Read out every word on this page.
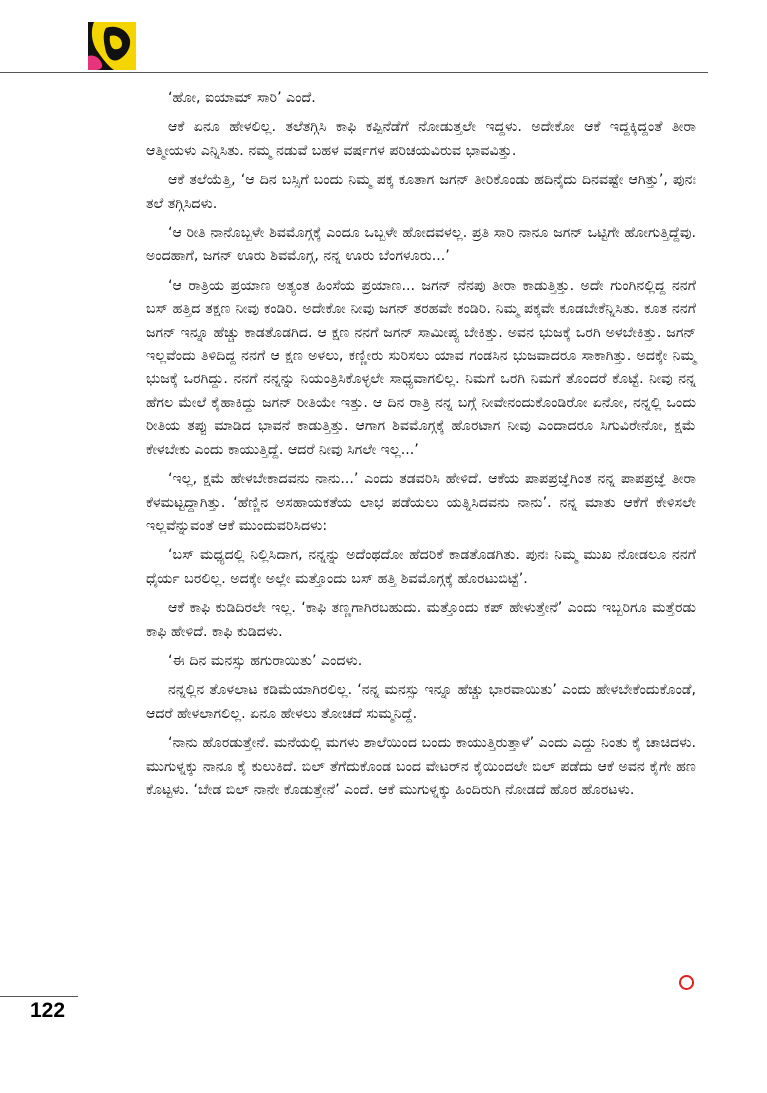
‘ಹೋ, ಐಯಾಮ್ ಸಾರಿ’ ಎಂದೆ.

ಆಕೆ ಏನೂ ಹೇಳಲಿಲ್ಲ. ತಲೆತಗ್ಗಿಸಿ ಕಾಫಿ ಕಪ್ಪಿನೆಡೆಗೆ ನೋಡುತ್ತಲೇ ಇದ್ದಳು. ಅದೇಕೋ ಆಕೆ ಇದ್ದಕ್ಕಿದ್ದಂತೆ ತೀರಾ ಆತ್ಮೀಯಳು ಎನ್ನಿಸಿತು. ನಮ್ಮ ನಡುವೆ ಬಹಳ ವರ್ಷಗಳ ಪರಿಚಯವಿರುವ ಭಾವವಿತ್ತು.

ಆಕೆ ತಲೆಯೆತ್ತಿ, ‘ಆ ದಿನ ಬಸ್ಸಿಗೆ ಬಂದು ನಿಮ್ಮ ಪಕ್ಕ ಕೂತಾಗ ಜಗನ್ ತೀರಿಕೊಂಡು ಹದಿನೈದು ದಿನವಷ್ಟೇ ಆಗಿತ್ತು’, ಪುನಃ ತಲೆ ತಗ್ಗಿಸಿದಳು.

‘ಆ ರೀತಿ ನಾನೊಬ್ಬಳೇ ಶಿವಮೊಗ್ಗಕ್ಕೆ ಎಂದೂ ಒಬ್ಬಳೇ ಹೋದವಳಲ್ಲ. ಪ್ರತಿ ಸಾರಿ ನಾನೂ ಜಗನ್ ಒಟ್ಟಿಗೇ ಹೋಗುತ್ತಿದ್ದೆವು. ಅಂದಹಾಗೆ, ಜಗನ್ ಊರು ಶಿವಮೊಗ್ಗ, ನನ್ನ ಊರು ಬೆಂಗಳೂರು...’

‘ಆ ರಾತ್ರಿಯ ಪ್ರಯಾಣ ಅತ್ಯಂತ ಹಿಂಸೆಯ ಪ್ರಯಾಣ... ಜಗನ್ ನೆನಪು ತೀರಾ ಕಾಡುತ್ತಿತ್ತು. ಅದೇ ಗುಂಗಿನಲ್ಲಿದ್ದ ನನಗೆ ಬಸ್ ಹತ್ತಿದ ತಕ್ಷಣ ನೀವು ಕಂಡಿರಿ. ಅದೇಕೋ ನೀವು ಜಗನ್ ತರಹವೇ ಕಂಡಿರಿ. ನಿಮ್ಮ ಪಕ್ಕವೇ ಕೂಡಬೇಕೆನ್ನಿಸಿತು. ಕೂತ ನನಗೆ ಜಗನ್ ಇನ್ನೂ ಹೆಚ್ಚು ಕಾಡತೊಡಗಿದ. ಆ ಕ್ಷಣ ನನಗೆ ಜಗನ್ ಸಾಮೀಪ್ಯ ಬೇಕಿತ್ತು. ಅವನ ಭುಜಕ್ಕೆ ಒರಗಿ ಅಳಬೇಕಿತ್ತು. ಜಗನ್ ಇಲ್ಲವೆಂದು ತಿಳಿದಿದ್ದ ನನಗೆ ಆ ಕ್ಷಣ ಅಳಲು, ಕಣ್ಣೀರು ಸುರಿಸಲು ಯಾವ ಗಂಡಸಿನ ಭುಜವಾದರೂ ಸಾಕಾಗಿತ್ತು. ಅದಕ್ಕೇ ನಿಮ್ಮ ಭುಜಕ್ಕೆ ಒರಗಿದ್ದು. ನನಗೆ ನನ್ನನ್ನು ನಿಯಂತ್ರಿಸಿಕೊಳ್ಳಲೇ ಸಾಧ್ಯವಾಗಲಿಲ್ಲ. ನಿಮಗೆ ಒರಗಿ ನಿಮಗೆ ತೊಂದರೆ ಕೊಟ್ಟೆ. ನೀವು ನನ್ನ ಹೆಗಲ ಮೇಲೆ ಕೈಹಾಕಿದ್ದು ಜಗನ್ ರೀತಿಯೇ ಇತ್ತು. ಆ ದಿನ ರಾತ್ರಿ ನನ್ನ ಬಗ್ಗೆ ನೀವೇನಂದುಕೊಂಡಿರೋ ಏನೋ, ನನ್ನಲ್ಲಿ ಒಂದು ರೀತಿಯ ತಪ್ಪು ಮಾಡಿದ ಭಾವನೆ ಕಾಡುತ್ತಿತ್ತು. ಆಗಾಗ ಶಿವಮೊಗ್ಗಕ್ಕೆ ಹೊರಟಾಗ ನೀವು ಎಂದಾದರೂ ಸಿಗುವಿರೇನೋ, ಕ್ಷಮೆ ಕೇಳಬೇಕು ಎಂದು ಕಾಯುತ್ತಿದ್ದೆ. ಆದರೆ ನೀವು ಸಿಗಲೇ ಇಲ್ಲ...’

‘ಇಲ್ಲ, ಕ್ಷಮೆ ಹೇಳಬೇಕಾದವನು ನಾನು...’ ಎಂದು ತಡವರಿಸಿ ಹೇಳಿದೆ. ಆಕೆಯ ಪಾಪಪ್ರಜ್ಞೆಗಿಂತ ನನ್ನ ಪಾಪಪ್ರಜ್ಞೆ ತೀರಾ ಕೆಳಮಟ್ಟದ್ದಾಗಿತ್ತು. ‘ಹೆಣ್ಣಿನ ಅಸಹಾಯಕತೆಯ ಲಾಭ ಪಡೆಯಲು ಯತ್ನಿಸಿದವನು ನಾನು’. ನನ್ನ ಮಾತು ಆಕೆಗೆ ಕೇಳಿಸಲೇ ಇಲ್ಲವೆನ್ನುವಂತೆ ಆಕೆ ಮುಂದುವರಿಸಿದಳು:

‘ಬಸ್ ಮಧ್ಯದಲ್ಲಿ ನಿಲ್ಲಿಸಿದಾಗ, ನನ್ನನ್ನು ಅದೆಂಥದೋ ಹೆದರಿಕೆ ಕಾಡತೊಡಗಿತು. ಪುನಃ ನಿಮ್ಮ ಮುಖ ನೋಡಲೂ ನನಗೆ ಧೈರ್ಯ ಬರಲಿಲ್ಲ. ಅದಕ್ಕೇ ಅಲ್ಲೇ ಮತ್ತೊಂದು ಬಸ್ ಹತ್ತಿ ಶಿವಮೊಗ್ಗಕ್ಕೆ ಹೊರಟುಬಿಟ್ಟೆ’.

ಆಕೆ ಕಾಫಿ ಕುಡಿದಿರಲೇ ಇಲ್ಲ. ‘ಕಾಫಿ ತಣ್ಣಗಾಗಿರಬಹುದು. ಮತ್ತೊಂದು ಕಪ್ ಹೇಳುತ್ತೇನೆ’ ಎಂದು ಇಬ್ಬರಿಗೂ ಮತ್ತೆರಡು ಕಾಫಿ ಹೇಳಿದೆ. ಕಾಫಿ ಕುಡಿದಳು.

‘ಈ ದಿನ ಮನಸ್ಸು ಹಗುರಾಯಿತು’ ಎಂದಳು.

ನನ್ನಲ್ಲಿನ ತೊಳಲಾಟ ಕಡಿಮೆಯಾಗಿರಲಿಲ್ಲ. ‘ನನ್ನ ಮನಸ್ಸು ಇನ್ನೂ ಹೆಚ್ಚು ಭಾರವಾಯಿತು’ ಎಂದು ಹೇಳಬೇಕೆಂದುಕೊಂಡೆ, ಆದರೆ ಹೇಳಲಾಗಲಿಲ್ಲ. ಏನೂ ಹೇಳಲು ತೋಚದೆ ಸುಮ್ಮನಿದ್ದೆ.

‘ನಾನು ಹೊರಡುತ್ತೇನೆ. ಮನೆಯಲ್ಲಿ ಮಗಳು ಶಾಲೆಯಿಂದ ಬಂದು ಕಾಯುತ್ತಿರುತ್ತಾಳೆ’ ಎಂದು ಎದ್ದು ನಿಂತು ಕೈ ಚಾಚಿದಳು. ಮುಗುಳ್ನಕ್ಕು ನಾನೂ ಕೈ ಕುಲುಕಿದೆ. ಬಿಲ್ ತೆಗೆದುಕೊಂಡ ಬಂದ ವೇಟರ್‌ನ ಕೈಯಿಂದಲೇ ಬಿಲ್ ಪಡೆದು ಆಕೆ ಅವನ ಕೈಗೇ ಹಣ ಕೊಟ್ಟಳು. ‘ಬೇಡ ಬಿಲ್ ನಾನೇ ಕೊಡುತ್ತೇನೆ’ ಎಂದೆ. ಆಕೆ ಮುಗುಳ್ನಕ್ಕು ಹಿಂದಿರುಗಿ ನೋಡದೆ ಹೊರ ಹೊರಟಳು.

122
